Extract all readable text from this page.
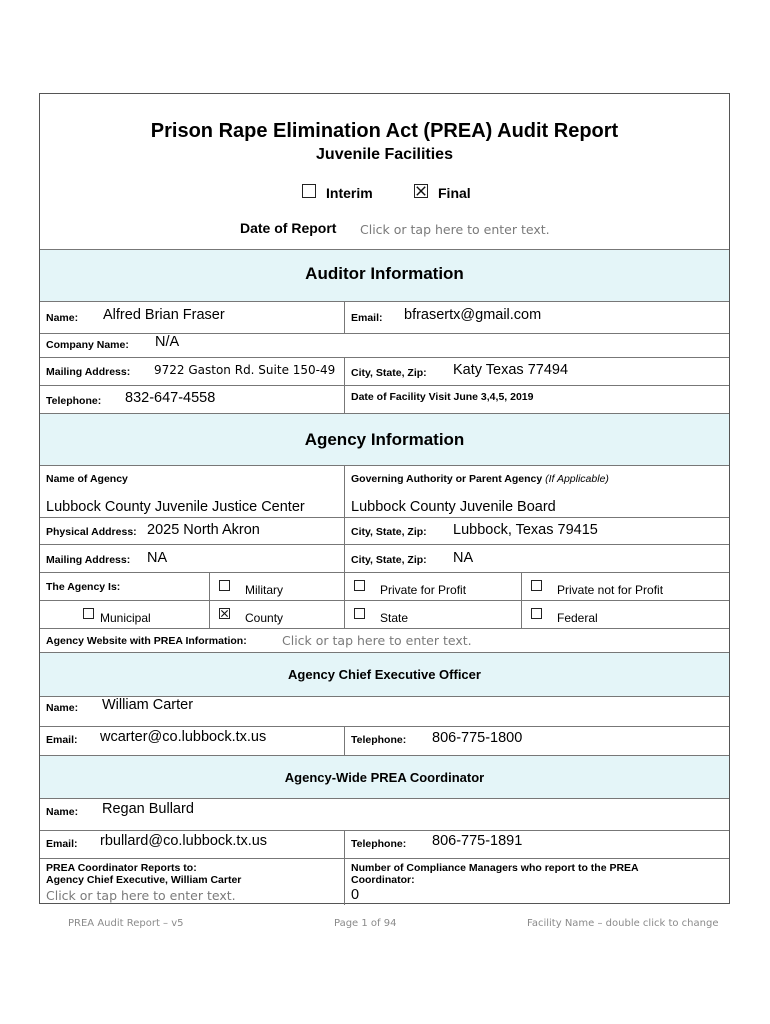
Prison Rape Elimination Act (PREA) Audit Report
Juvenile Facilities
Interim	Final
Date of Report Click or tap here to enter text.
Auditor Information
Name: Alfred Brian Fraser	Email: bfrasertx@gmail.com
Company Name: N/A
Mailing Address: 9722 Gaston Rd. Suite 150-49 City, State, Zip: Katy Texas 77494
Telephone: 832-647-4558	Date of Facility Visit June 3,4,5, 2019
Agency Information
Name of Agency
Lubbock County Juvenile Justice Center
Governing Authority or Parent Agency (If Applicable)
Lubbock County Juvenile Board
Physical Address: 2025 North Akron	City, State, Zip: Lubbock, Texas 79415
Mailing Address: NA	City, State, Zip: NA
The Agency Is:	Military	Private for Profit	Private not for Profit
Municipal	County	State	Federal
Agency Website with PREA Information:	Click or tap here to enter text.
Agency Chief Executive Officer
Name: William Carter
Email: wcarter@co.lubbock.tx.us	Telephone: 806-775-1800
Agency-Wide PREA Coordinator
Name: Regan Bullard
Email: rbullard@co.lubbock.tx.us	Telephone: 806-775-1891
PREA Coordinator Reports to:
Agency Chief Executive, William Carter
Click or tap here to enter text.
Number of Compliance Managers who report to the PREA
Coordinator:
0
PREA Audit Report – v5	Page 1 of 94	Facility Name – double click to change
